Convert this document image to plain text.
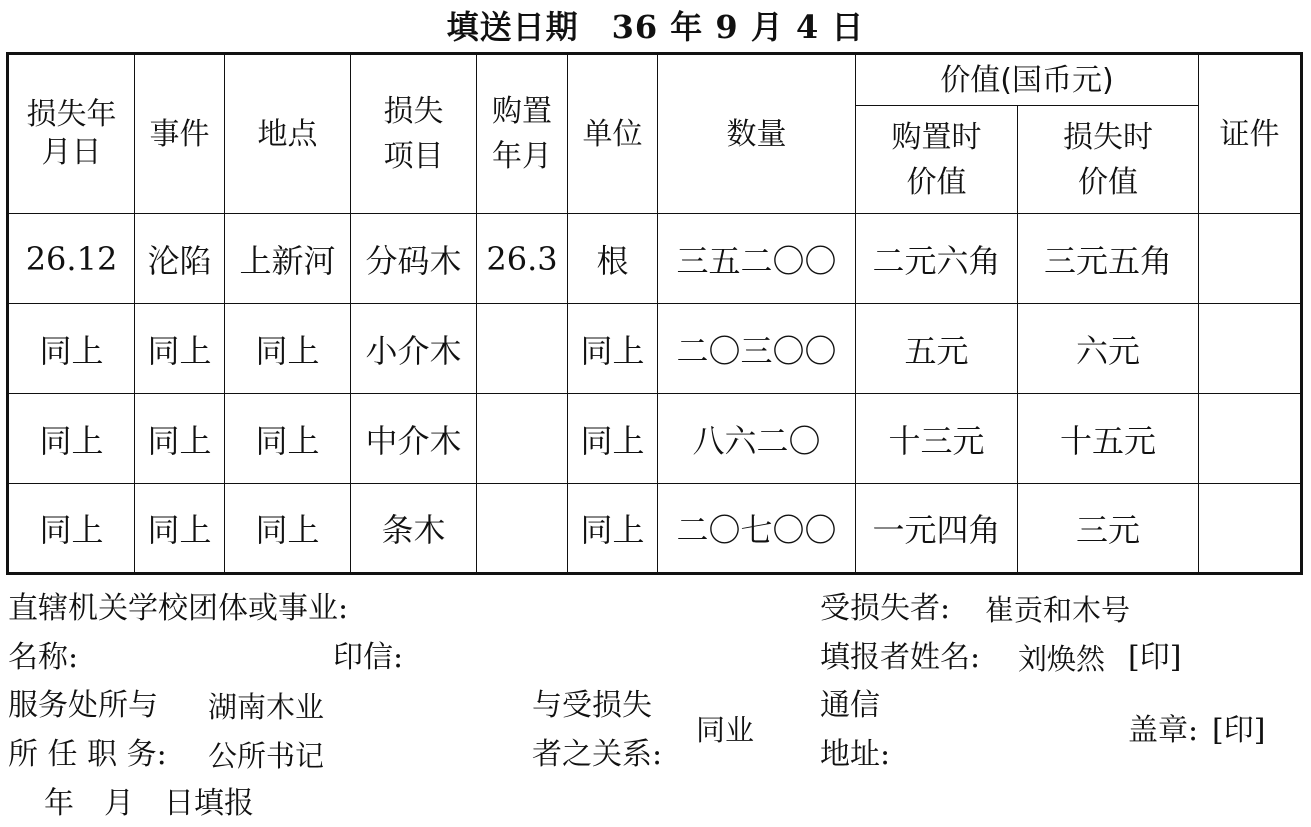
填送日期　36 年 9 月 4 日
损失年月日	事件	地点	损失项目	购置年月	单位	数量	价值(国币元)		证件
							购置时价值	损失时价值	
26.12	沦陷	上新河	分码木	26.3	根	三五二〇〇	二元六角	三元五角	
同上	同上	同上	小介木		同上	二〇三〇〇	五元	六元	
同上	同上	同上	中介木		同上	八六二〇	十三元	十五元	
同上	同上	同上	条木		同上	二〇七〇〇	一元四角	三元	
直辖机关学校团体或事业:
名称:	印信:
服务处所与 湖南木业
所 任 职 务: 公所书记
年　月　日填报
与受损失
者之关系:
同业
受损失者: 崔贡和木号
填报者姓名: 刘焕然 [印]
通信
地址:
盖章: [印]
